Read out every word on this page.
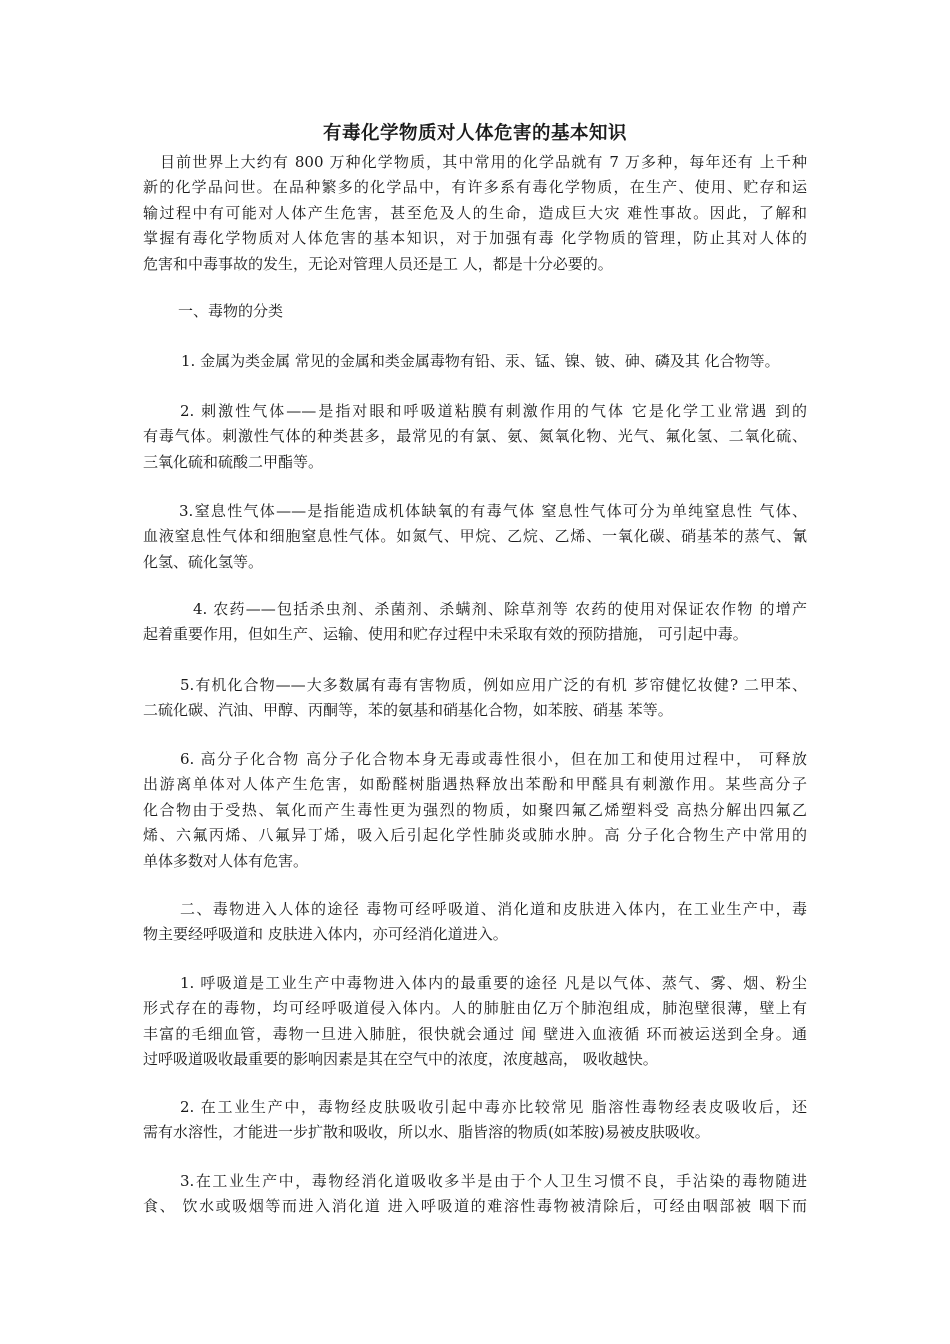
有毒化学物质对人体危害的基本知识
目前世界上大约有 800 万种化学物质，其中常用的化学品就有 7 万多种，每年还有 上千种
新的化学品问世。在品种繁多的化学品中，有许多系有毒化学物质，在生产、使用、贮存和运
输过程中有可能对人体产生危害，甚至危及人的生命，造成巨大灾 难性事故。因此，了解和
掌握有毒化学物质对人体危害的基本知识，对于加强有毒 化学物质的管理，防止其对人体的
危害和中毒事故的发生，无论对管理人员还是工 人，都是十分必要的。
一、毒物的分类
1. 金属为类金属 常见的金属和类金属毒物有铅、汞、锰、镍、铍、砷、磷及其 化合物等。
2. 刺激性气体——是指对眼和呼吸道粘膜有刺激作用的气体 它是化学工业常遇 到的
有毒气体。刺激性气体的种类甚多，最常见的有氯、氨、氮氧化物、光气、氟化氢、二氧化硫、
三氧化硫和硫酸二甲酯等。
3.窒息性气体——是指能造成机体缺氧的有毒气体 窒息性气体可分为单纯窒息性 气体、
血液窒息性气体和细胞窒息性气体。如氮气、甲烷、乙烷、乙烯、一氧化碳、硝基苯的蒸气、氰
化氢、硫化氢等。
4. 农药——包括杀虫剂、杀菌剂、杀螨剂、除草剂等 农药的使用对保证农作物 的增产
起着重要作用，但如生产、运输、使用和贮存过程中未采取有效的预防措施， 可引起中毒。
5.有机化合物——大多数属有毒有害物质，例如应用广泛的有机 芗帘健忆妆健? 二甲苯、
二硫化碳、汽油、甲醇、丙酮等，苯的氨基和硝基化合物，如苯胺、硝基 苯等。
6. 高分子化合物 高分子化合物本身无毒或毒性很小，但在加工和使用过程中， 可释放
出游离单体对人体产生危害，如酚醛树脂遇热释放出苯酚和甲醛具有刺激作用。某些高分子
化合物由于受热、氧化而产生毒性更为强烈的物质，如聚四氟乙烯塑料受 高热分解出四氟乙
烯、六氟丙烯、八氟异丁烯，吸入后引起化学性肺炎或肺水肿。高 分子化合物生产中常用的
单体多数对人体有危害。
二、毒物进入人体的途径 毒物可经呼吸道、消化道和皮肤进入体内，在工业生产中，毒
物主要经呼吸道和 皮肤进入体内，亦可经消化道进入。
1. 呼吸道是工业生产中毒物进入体内的最重要的途径 凡是以气体、蒸气、雾、烟、粉尘
形式存在的毒物，均可经呼吸道侵入体内。人的肺脏由亿万个肺泡组成，肺泡壁很薄，壁上有
丰富的毛细血管，毒物一旦进入肺脏，很快就会通过 闻 壁进入血液循 环而被运送到全身。通
过呼吸道吸收最重要的影响因素是其在空气中的浓度，浓度越高， 吸收越快。
2. 在工业生产中，毒物经皮肤吸收引起中毒亦比较常见 脂溶性毒物经表皮吸收后，还
需有水溶性，才能进一步扩散和吸收，所以水、脂皆溶的物质(如苯胺)易被皮肤吸收。
3.在工业生产中，毒物经消化道吸收多半是由于个人卫生习惯不良，手沾染的毒物随进
食、 饮水或吸烟等而进入消化道 进入呼吸道的难溶性毒物被清除后，可经由咽部被 咽下而
